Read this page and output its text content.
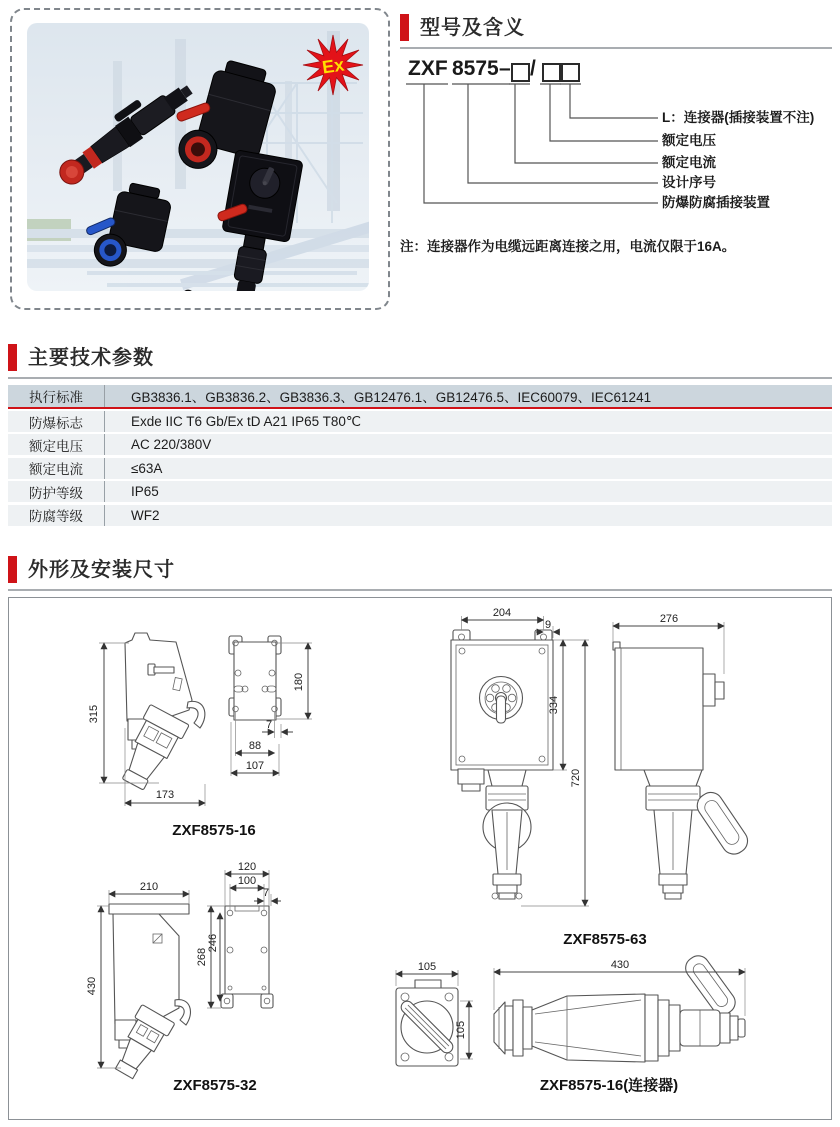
Ex
型号及含义
ZXF 8575 – /
L：连接器(插接装置不注)
额定电压
额定电流
设计序号
防爆防腐插接装置

注：连接器作为电缆远距离连接之用，电流仅限于16A。

主要技术参数
执行标准	GB3836.1、GB3836.2、GB3836.3、GB12476.1、GB12476.5、IEC60079、IEC61241
防爆标志	Exde IIC T6 Gb/Ex tD A21 IP65 T80℃
额定电压	AC 220/380V
额定电流	≤63A
防护等级	IP65
防腐等级	WF2
外形及安装尺寸
315
173
180
7
88
107
ZXF8575-16
204
9
334
720
276
ZXF8575-63
210
430
120
100
7
268
246
ZXF8575-32
105
105
430
ZXF8575-16(连接器)
